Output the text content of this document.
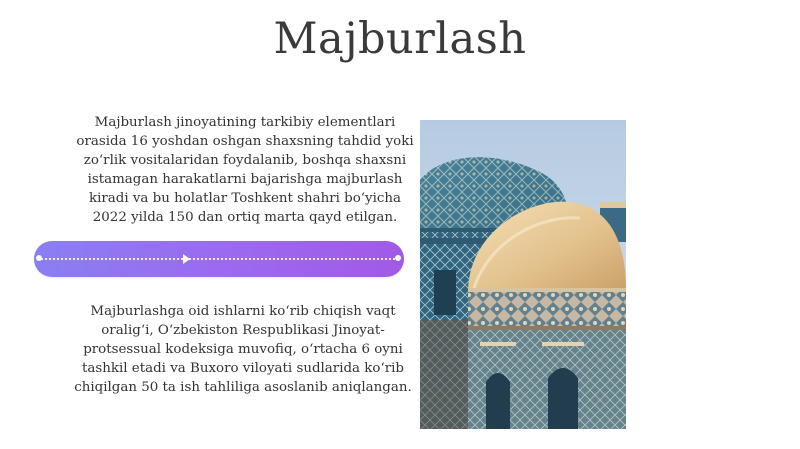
Majburlash
Majburlash jinoyatining tarkibiy elementlari orasida 16 yoshdan oshgan shaxsning tahdid yoki zo‘rlik vositalaridan foydalanib, boshqa shaxsni istamagan harakatlarni bajarishga majburlash kiradi va bu holatlar Toshkent shahri bo‘yicha 2022 yilda 150 dan ortiq marta qayd etilgan.
Majburlashga oid ishlarni ko‘rib chiqish vaqt oralig‘i, O‘zbekiston Respublikasi Jinoyat-protsessual kodeksiga muvofiq, o‘rtacha 6 oyni tashkil etadi va Buxoro viloyati sudlarida ko‘rib chiqilgan 50 ta ish tahliliga asoslanib aniqlangan.
